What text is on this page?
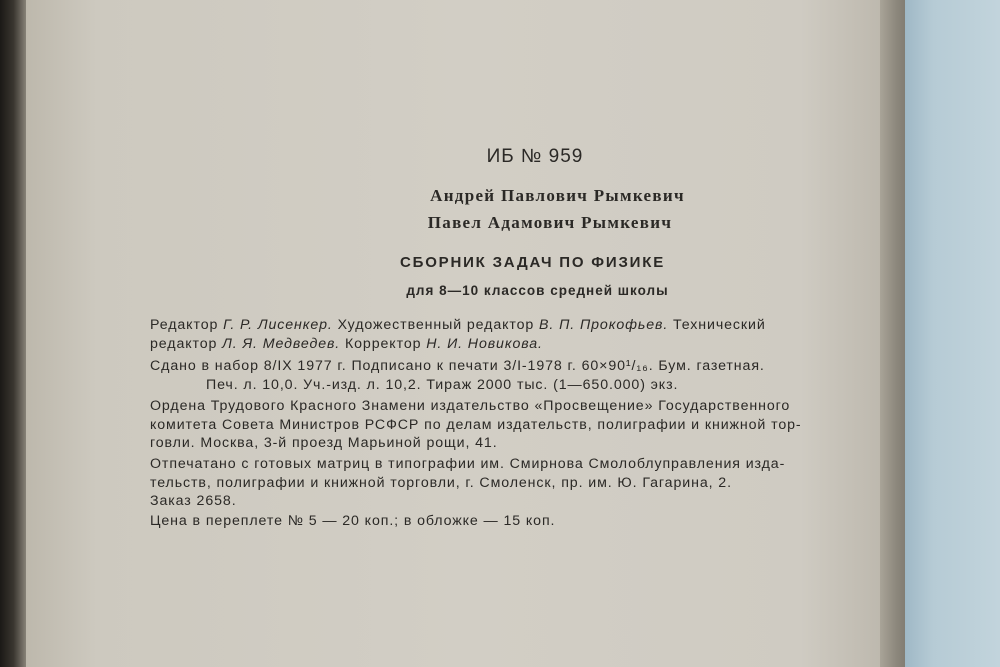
ИБ № 959
Андрей Павлович Рымкевич
Павел Адамович Рымкевич
СБОРНИК ЗАДАЧ ПО ФИЗИКЕ
для 8—10 классов средней школы

Редактор Г. Р. Лисенкер. Художественный редактор В. П. Прокофьев. Технический

редактор Л. Я. Медведев. Корректор Н. И. Новикова.

Сдано в набор 8/IX 1977 г. Подписано к печати 3/I-1978 г. 60×90¹/₁₆. Бум. газетная.

Печ. л. 10,0. Уч.-изд. л. 10,2. Тираж 2000 тыс. (1—650.000) экз.

Ордена Трудового Красного Знамени издательство «Просвещение» Государственного

комитета Совета Министров РСФСР по делам издательств, полиграфии и книжной тор-

говли. Москва, 3-й проезд Марьиной рощи, 41.

Отпечатано с готовых матриц в типографии им. Смирнова Смолоблуправления изда-

тельств, полиграфии и книжной торговли, г. Смоленск, пр. им. Ю. Гагарина, 2.

Заказ 2658.

Цена в переплете № 5 — 20 коп.; в обложке — 15 коп.
